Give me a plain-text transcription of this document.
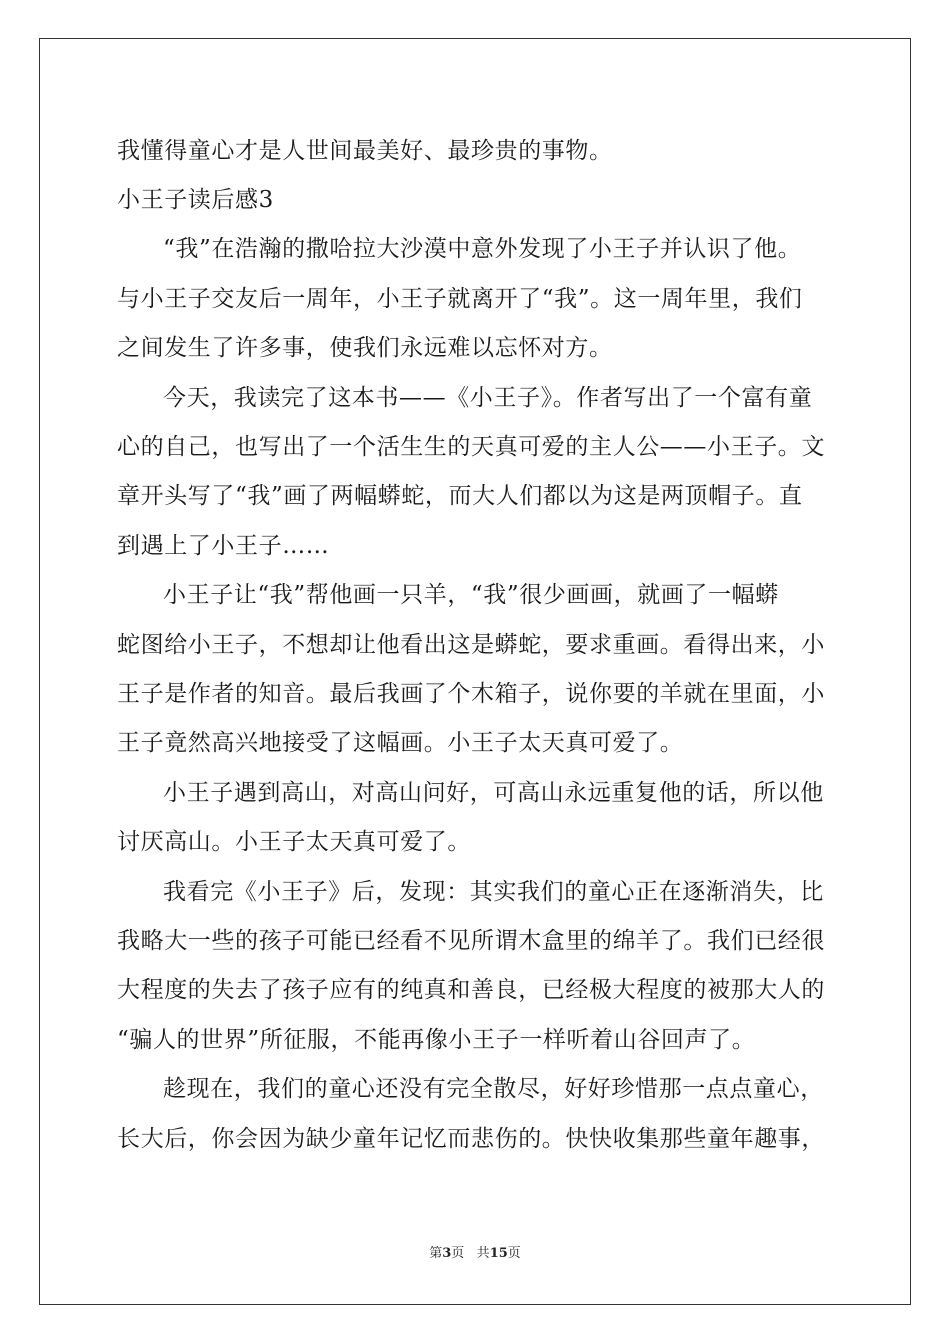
我懂得童心才是人世间最美好、最珍贵的事物。
小王子读后感3
“我”在浩瀚的撒哈拉大沙漠中意外发现了小王子并认识了他。
与小王子交友后一周年，小王子就离开了“我”。这一周年里，我们
之间发生了许多事，使我们永远难以忘怀对方。
今天，我读完了这本书——《小王子》。作者写出了一个富有童
心的自己，也写出了一个活生生的天真可爱的主人公——小王子。文
章开头写了“我”画了两幅蟒蛇，而大人们都以为这是两顶帽子。直
到遇上了小王子……
小王子让“我”帮他画一只羊，“我”很少画画，就画了一幅蟒
蛇图给小王子，不想却让他看出这是蟒蛇，要求重画。看得出来，小
王子是作者的知音。最后我画了个木箱子，说你要的羊就在里面，小
王子竟然高兴地接受了这幅画。小王子太天真可爱了。
小王子遇到高山，对高山问好，可高山永远重复他的话，所以他
讨厌高山。小王子太天真可爱了。
我看完《小王子》后，发现：其实我们的童心正在逐渐消失，比
我略大一些的孩子可能已经看不见所谓木盒里的绵羊了。我们已经很
大程度的失去了孩子应有的纯真和善良，已经极大程度的被那大人的
“骗人的世界”所征服，不能再像小王子一样听着山谷回声了。
趁现在，我们的童心还没有完全散尽，好好珍惜那一点点童心，
长大后，你会因为缺少童年记忆而悲伤的。快快收集那些童年趣事，
第3页 共15页
